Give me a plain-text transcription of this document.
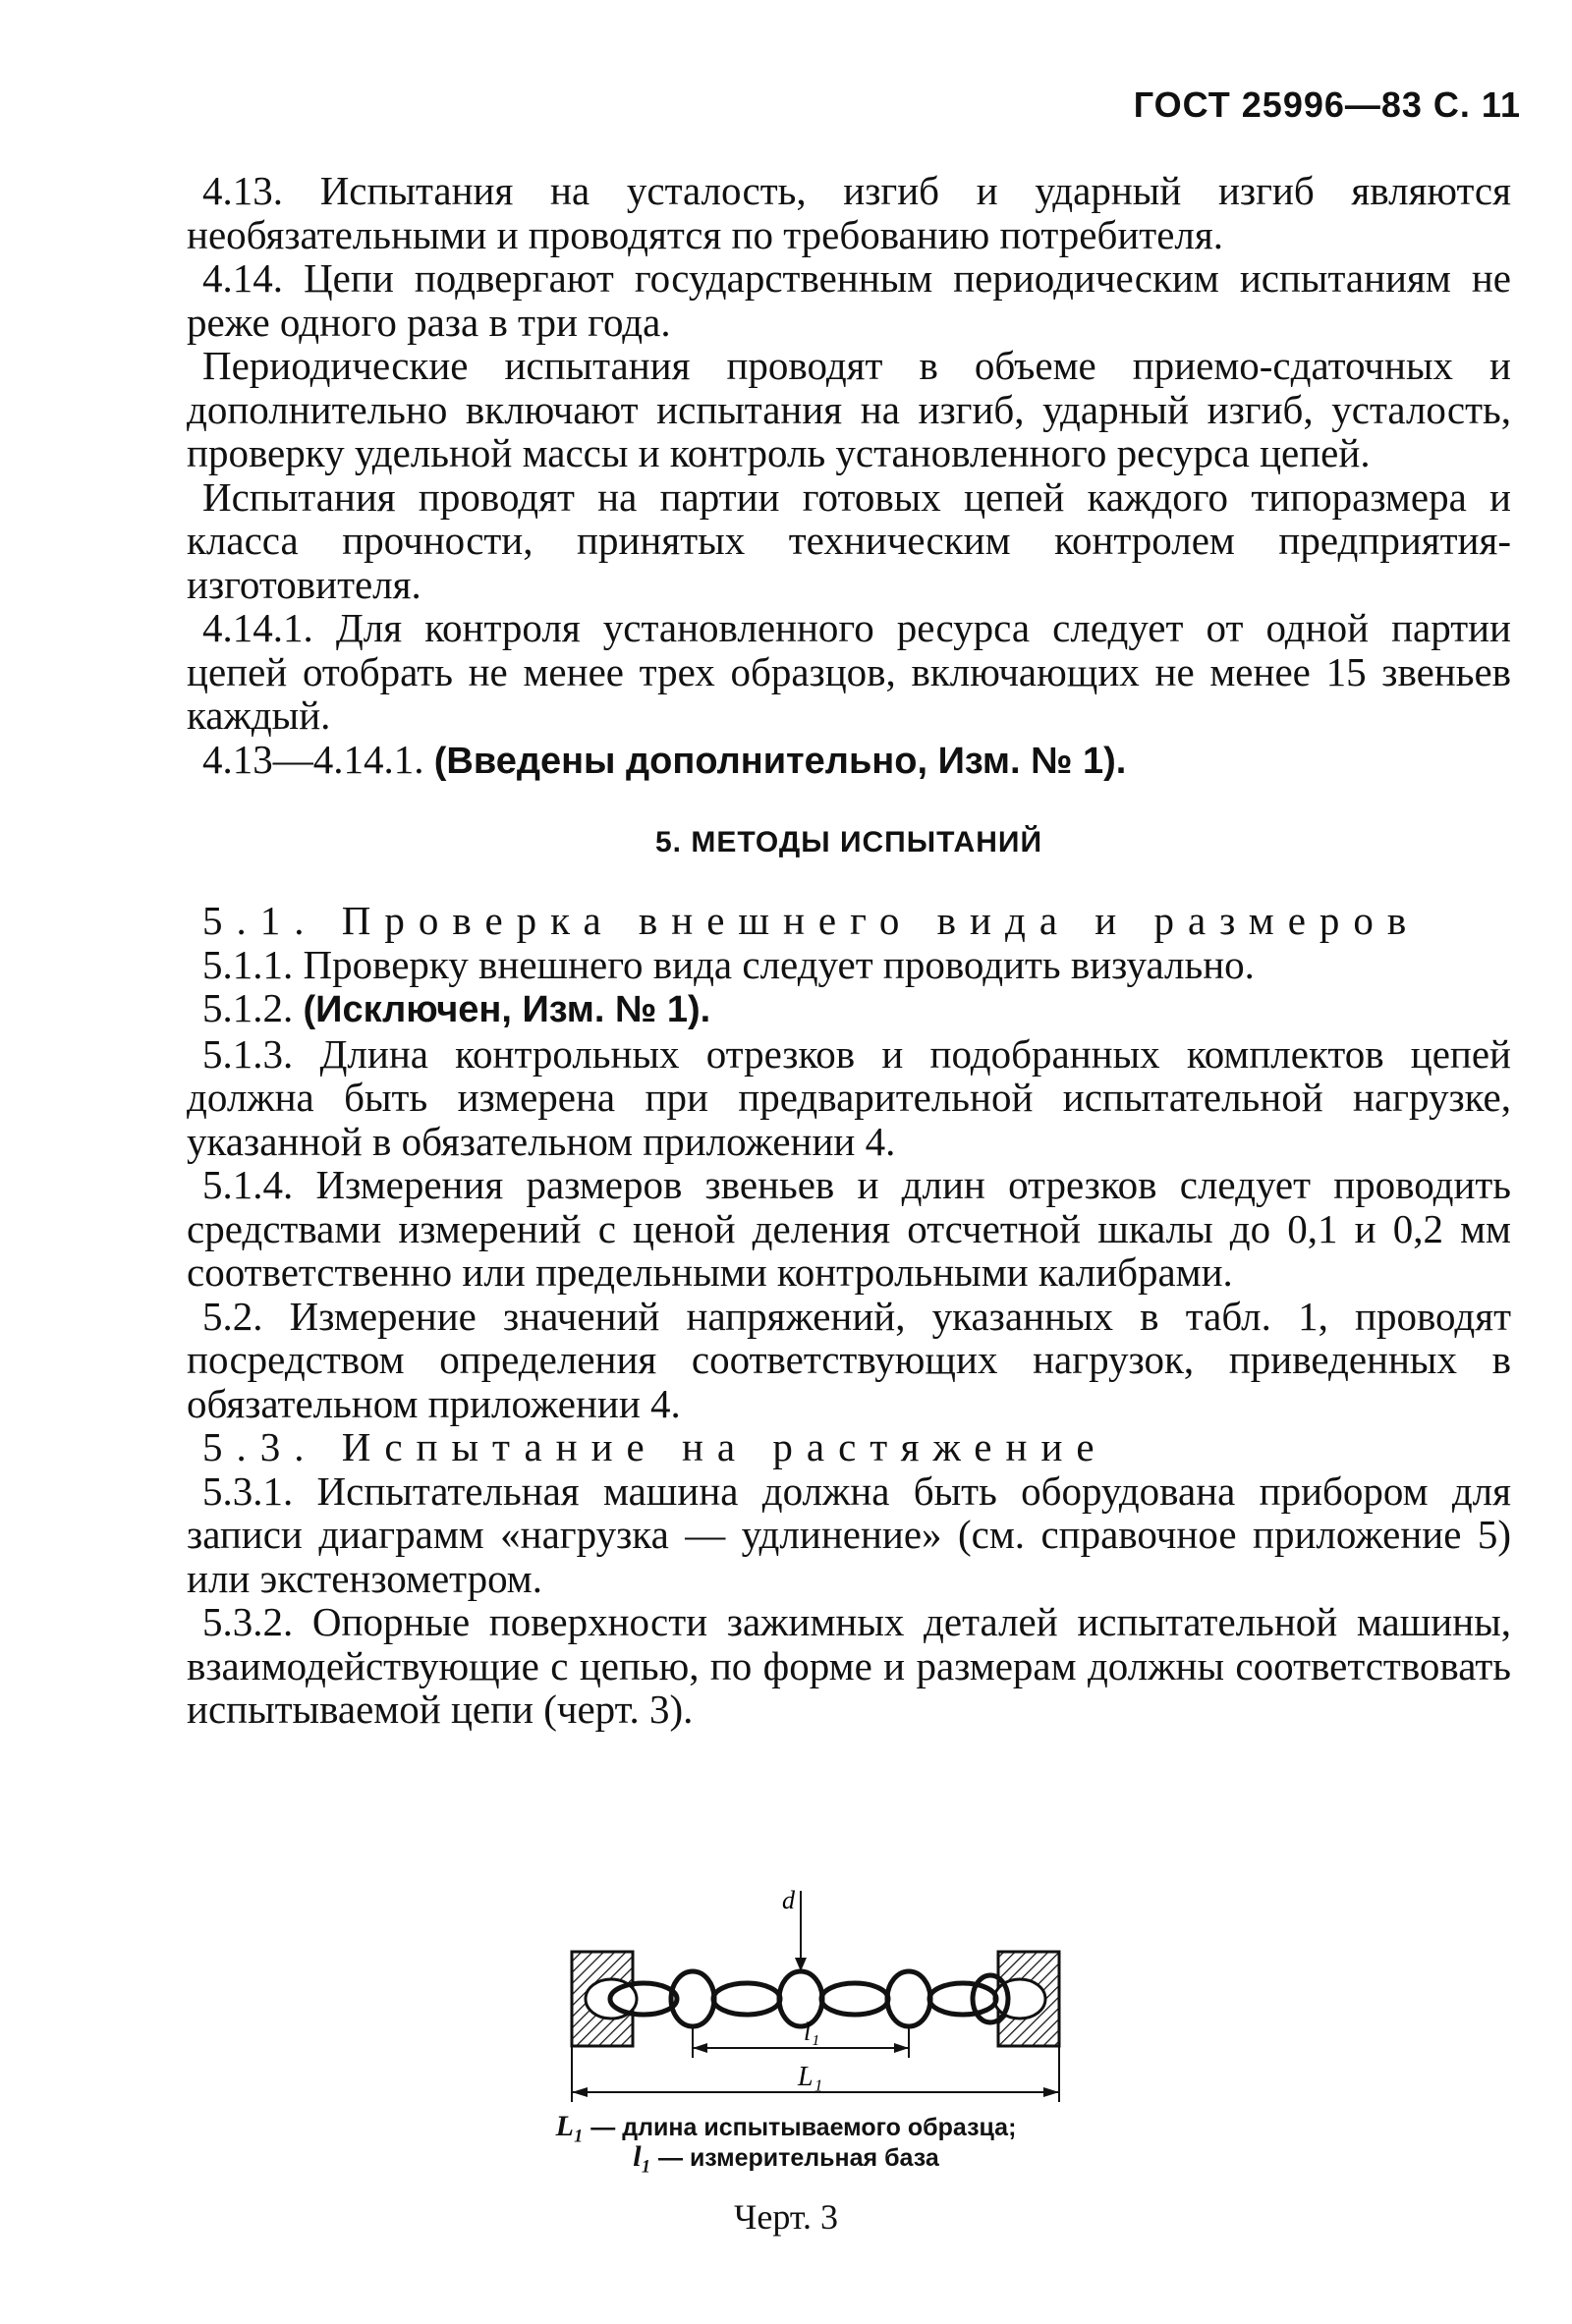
ГОСТ 25996—83 С. 11

4.13. Испытания на усталость, изгиб и ударный изгиб являются необязательными и проводятся по требованию потребителя.

4.14. Цепи подвергают государственным периодическим испытаниям не реже одного раза в три года.

Периодические испытания проводят в объеме приемо-сдаточных и дополнительно включают испытания на изгиб, ударный изгиб, усталость, проверку удельной массы и контроль установленного ресурса цепей.

Испытания проводят на партии готовых цепей каждого типоразмера и класса прочности, принятых техническим контролем предприятия-изготовителя.

4.14.1. Для контроля установленного ресурса следует от одной партии цепей отобрать не менее трех образцов, включающих не менее 15 звеньев каждый.

4.13—4.14.1. (Введены дополнительно, Изм. № 1).

5. МЕТОДЫ ИСПЫТАНИЙ

5.1. Проверка внешнего вида и размеров

5.1.1. Проверку внешнего вида следует проводить визуально.

5.1.2. (Исключен, Изм. № 1).

5.1.3. Длина контрольных отрезков и подобранных комплектов цепей должна быть измерена при предварительной испытательной нагрузке, указанной в обязательном приложении 4.

5.1.4. Измерения размеров звеньев и длин отрезков следует проводить средствами измерений с ценой деления отсчетной шкалы до 0,1 и 0,2 мм соответственно или предельными контрольными калибрами.

5.2. Измерение значений напряжений, указанных в табл. 1, проводят посредством определения соответствующих нагрузок, приведенных в обязательном приложении 4.

5.3. Испытание на растяжение

5.3.1. Испытательная машина должна быть оборудована прибором для записи диаграмм «нагрузка — удлинение» (см. справочное приложение 5) или экстензометром.

5.3.2. Опорные поверхности зажимных деталей испытательной машины, взаимодействующие с цепью, по форме и размерам должны соответствовать испытываемой цепи (черт. 3).

d
l₁
L₁
L₁ — длина испытываемого образца;
l₁ — измерительная база
Черт. 3
